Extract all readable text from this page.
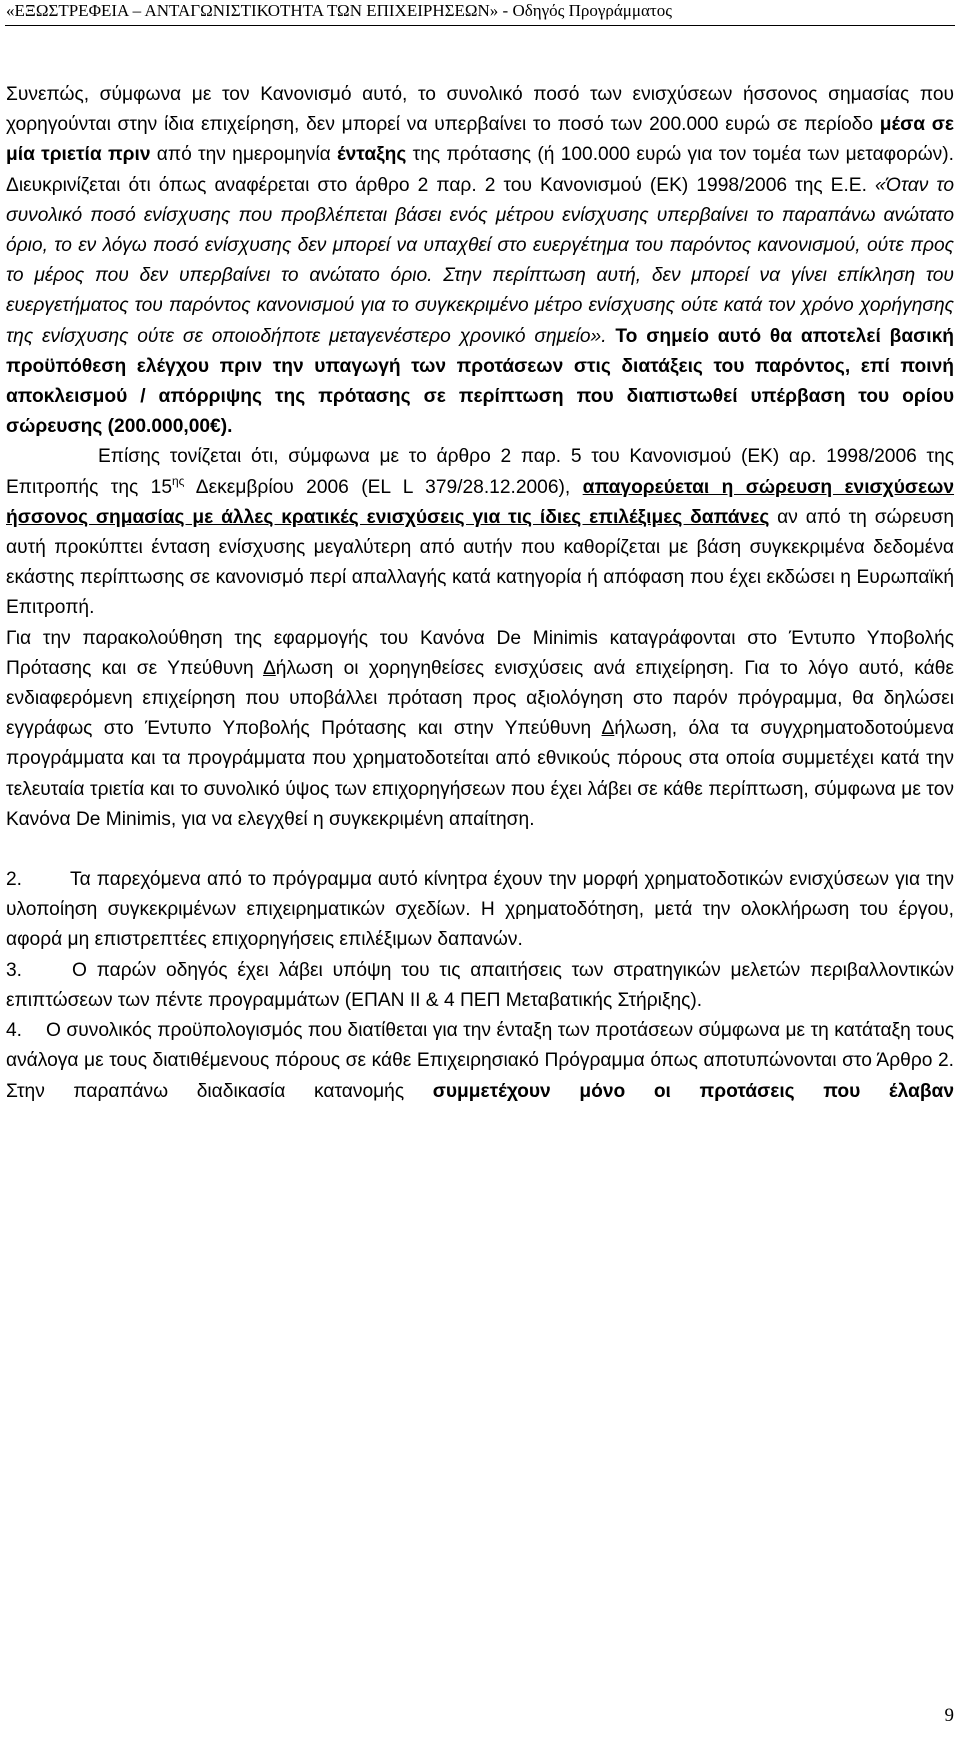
«ΕΞΩΣΤΡΕΦΕΙΑ – ΑΝΤΑΓΩΝΙΣΤΙΚΟΤΗΤΑ ΤΩΝ ΕΠΙΧΕΙΡΗΣΕΩΝ» - Οδηγός Προγράμματος

Συνεπώς, σύμφωνα με τον Κανονισμό αυτό, το συνολικό ποσό των ενισχύσεων ήσσονος σημασίας που χορηγούνται στην ίδια επιχείρηση, δεν μπορεί να υπερβαίνει το ποσό των 200.000 ευρώ σε περίοδο μέσα σε μία τριετία πριν από την ημερομηνία ένταξης της πρότασης (ή 100.000 ευρώ για τον τομέα των μεταφορών). Διευκρινίζεται ότι όπως αναφέρεται στο άρθρο 2 παρ. 2 του Κανονισμού (ΕΚ) 1998/2006 της Ε.Ε. «Όταν το συνολικό ποσό ενίσχυσης που προβλέπεται βάσει ενός μέτρου ενίσχυσης υπερβαίνει το παραπάνω ανώτατο όριο, το εν λόγω ποσό ενίσχυσης δεν μπορεί να υπαχθεί στο ευεργέτημα του παρόντος κανονισμού, ούτε προς το μέρος που δεν υπερβαίνει το ανώτατο όριο. Στην περίπτωση αυτή, δεν μπορεί να γίνει επίκληση του ευεργετήματος του παρόντος κανονισμού για το συγκεκριμένο μέτρο ενίσχυσης ούτε κατά τον χρόνο χορήγησης της ενίσχυσης ούτε σε οποιοδήποτε μεταγενέστερο χρονικό σημείο». Το σημείο αυτό θα αποτελεί βασική προϋπόθεση ελέγχου πριν την υπαγωγή των προτάσεων στις διατάξεις του παρόντος, επί ποινή αποκλεισμού / απόρριψης της πρότασης σε περίπτωση που διαπιστωθεί υπέρβαση του ορίου σώρευσης (200.000,00€).

Επίσης τονίζεται ότι, σύμφωνα με το άρθρο 2 παρ. 5 του Κανονισμού (ΕΚ) αρ. 1998/2006 της Επιτροπής της $15^{\eta\varsigma}$ Δεκεμβρίου 2006 (EL L 379/28.12.2006), απαγορεύεται η σώρευση ενισχύσεων ήσσονος σημασίας με άλλες κρατικές ενισχύσεις για τις ίδιες επιλέξιμες δαπάνες αν από τη σώρευση αυτή προκύπτει ένταση ενίσχυσης μεγαλύτερη από αυτήν που καθορίζεται με βάση συγκεκριμένα δεδομένα εκάστης περίπτωσης σε κανονισμό περί απαλλαγής κατά κατηγορία ή απόφαση που έχει εκδώσει η Ευρωπαϊκή Επιτροπή.

Για την παρακολούθηση της εφαρμογής του Κανόνα De Minimis καταγράφονται στο Έντυπο Υποβολής Πρότασης και σε Υπεύθυνη Δήλωση οι χορηγηθείσες ενισχύσεις ανά επιχείρηση. Για το λόγο αυτό, κάθε ενδιαφερόμενη επιχείρηση που υποβάλλει πρόταση προς αξιολόγηση στο παρόν πρόγραμμα, θα δηλώσει εγγράφως στο Έντυπο Υποβολής Πρότασης και στην Υπεύθυνη Δήλωση, όλα τα συγχρηματοδοτούμενα προγράμματα και τα προγράμματα που χρηματοδοτείται από εθνικούς πόρους στα οποία συμμετέχει κατά την τελευταία τριετία και το συνολικό ύψος των επιχορηγήσεων που έχει λάβει σε κάθε περίπτωση, σύμφωνα με τον Κανόνα De Minimis, για να ελεγχθεί η συγκεκριμένη απαίτηση.

2. Τα παρεχόμενα από το πρόγραμμα αυτό κίνητρα έχουν την μορφή χρηματοδοτικών ενισχύσεων για την υλοποίηση συγκεκριμένων επιχειρηματικών σχεδίων. Η χρηματοδότηση, μετά την ολοκλήρωση του έργου, αφορά μη επιστρεπτέες επιχορηγήσεις επιλέξιμων δαπανών.

3.	Ο παρών οδηγός έχει λάβει υπόψη του τις απαιτήσεις των στρατηγικών μελετών περιβαλλοντικών επιπτώσεων των πέντε προγραμμάτων (ΕΠΑΝ ΙΙ & 4 ΠΕΠ Μεταβατικής Στήριξης).

4. Ο συνολικός προϋπολογισμός που διατίθεται για την ένταξη των προτάσεων σύμφωνα με τη κατάταξη τους ανάλογα με τους διατιθέμενους πόρους σε κάθε Επιχειρησιακό Πρόγραμμα όπως αποτυπώνονται στο Άρθρο 2. Στην παραπάνω διαδικασία κατανομής συμμετέχουν μόνο οι προτάσεις που έλαβαν

9
